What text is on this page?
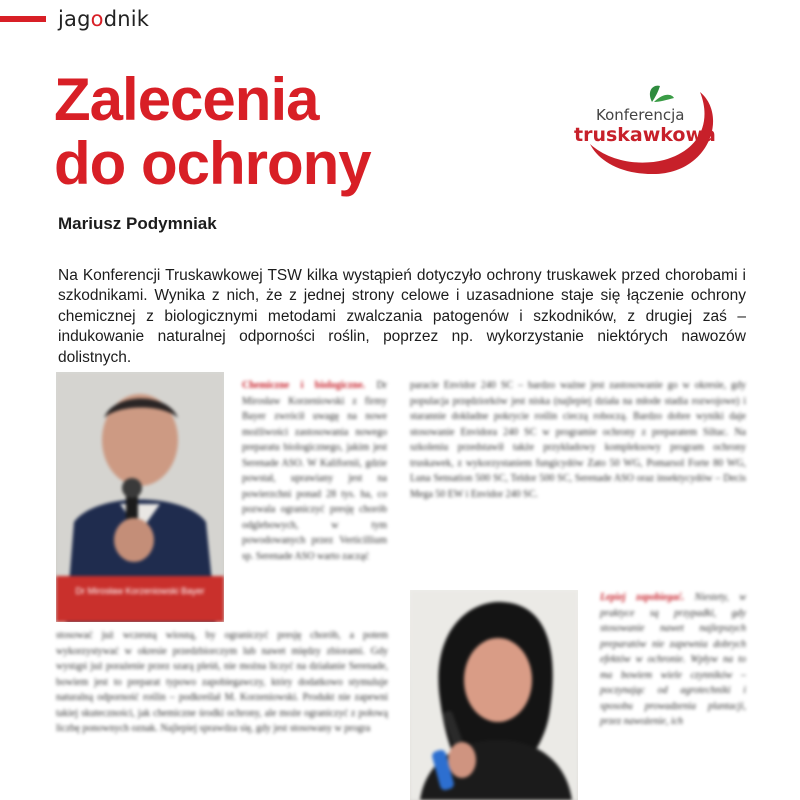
jagodnik
Zalecenia
do ochrony
Mariusz Podymniak
Konferencja
truskawkowa

Na Konferencji Truskawkowej TSW kilka wystąpień dotyczyło ochrony truskawek przed chorobami i szkodnikami. Wynika z nich, że z jednej strony celowe i uzasadnione staje się łączenie ochrony chemicznej z biologicznymi metodami zwalczania patogenów i szkodników, z drugiej zaś – indukowanie naturalnej odporności roślin, poprzez np. wykorzystanie niektórych nawozów dolistnych.

Dr Mirosław Korzeniowski Bayer
Chemiczne i biologiczne. Dr Mirosław Korzeniowski z firmy Bayer zwrócił uwagę na nowe możliwości zastosowania nowego preparatu biologicznego, jakim jest Serenade ASO. W Kalifornii, gdzie powstał, uprawiany jest na powierzchni ponad 28 tys. ha, co pozwala ograniczyć presję chorób odglebowych, w tym powodowanych przez Verticillium sp. Serenade ASO warto zacząć
paracie Envidor 240 SC – bardzo ważne jest zastosowanie go w okresie, gdy populacja przędziorków jest niska (najlepiej działa na młode stadia rozwojowe) i starannie dokładne pokrycie roślin cieczą roboczą. Bardzo dobre wyniki daje stosowanie Envidora 240 SC w programie ochrony z preparatem Siltac. Na szkoleniu przedstawił także przykładowy kompleksowy program ochrony truskawek, z wykorzystaniem fungicydów Zato 50 WG, Pomarsol Forte 80 WG, Luna Sensation 500 SC, Teldor 500 SC, Serenade ASO oraz insektycydów – Decis Mega 50 EW i Envidor 240 SC.
stosować już wczesną wiosną, by ograniczyć presję chorób, a potem wykorzystywać w okresie przedzbiorczym lub nawet między zbiorami. Gdy wystąpi już porażenie przez szarą pleśń, nie można liczyć na działanie Serenade, bowiem jest to preparat typowo zapobiegawczy, który dodatkowo stymuluje naturalną odporność roślin – podkreślał M. Korzeniowski. Produkt nie zapewni takiej skuteczności, jak chemiczne środki ochrony, ale może ograniczyć z połową liczbę ponownych oznak. Najlepiej sprawdza się, gdy jest stosowany w progra
Lepiej zapobiegać. Niestety, w praktyce są przypadki, gdy stosowanie nawet najlepszych preparatów nie zapewnia dobrych efektów w ochronie. Wpływ na to ma bowiem wiele czynników – poczynając od agrotechniki i sposobu prowadzenia plantacji, przez nawożenie, ich
